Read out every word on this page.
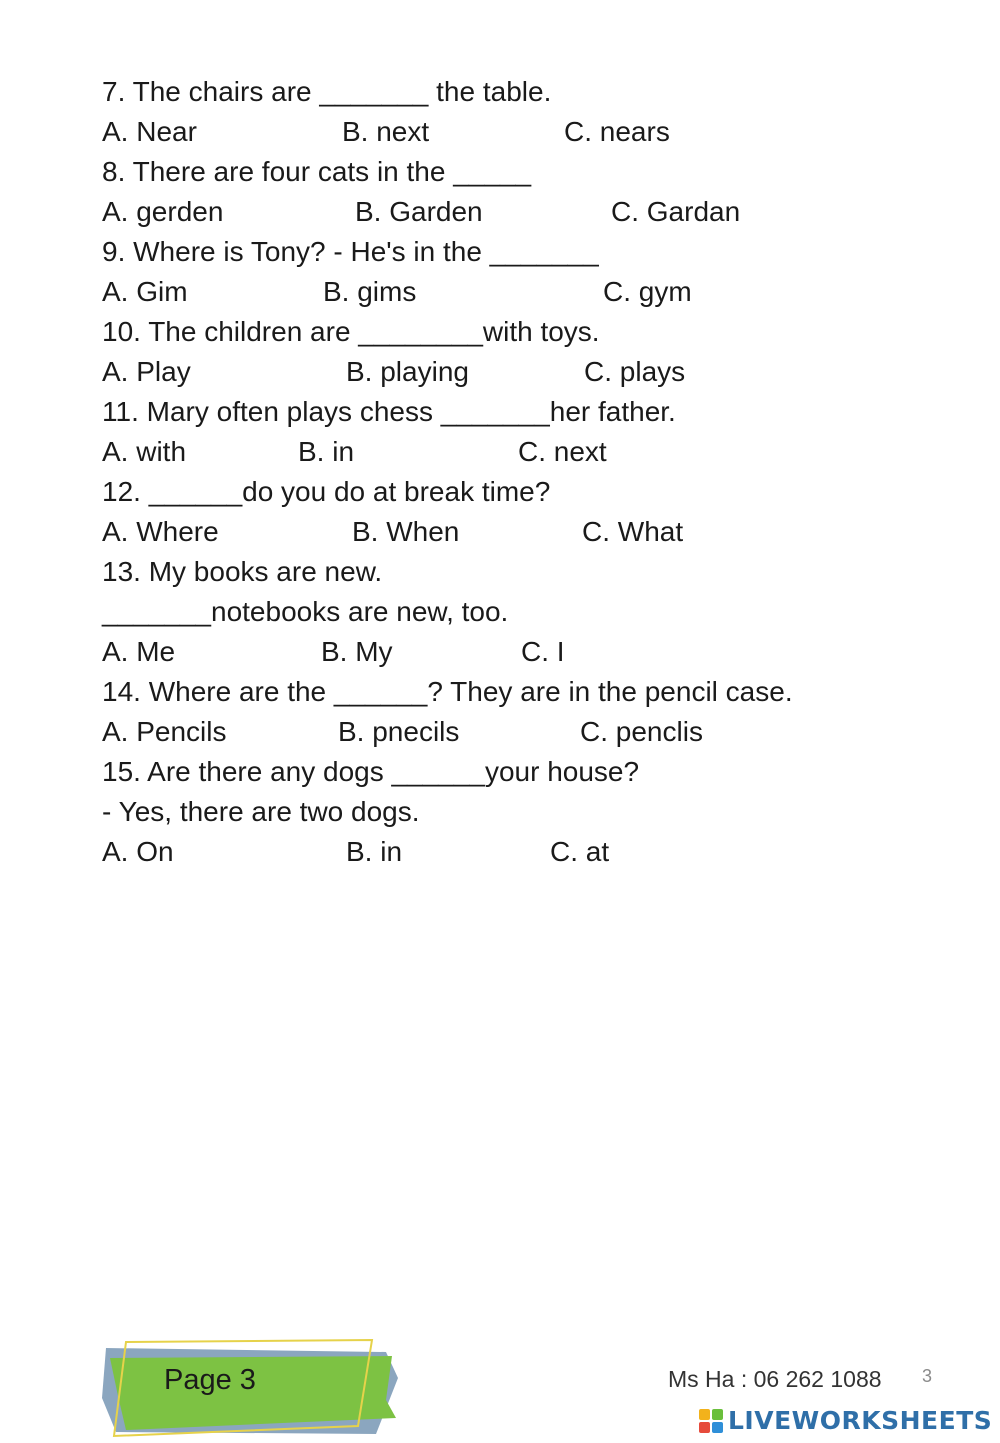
7. The chairs are _______ the table.
A. Near	B. next	C. nears
8. There are four cats in the _____
A. gerden	B. Garden	C. Gardan
9. Where is Tony? - He's in the _______
A. Gim	B. gims	C. gym
10. The children are ________with toys.
A. Play	B. playing	C. plays
11. Mary often plays chess _______her father.
A. with	B. in	C. next
12. ______do you do at break time?
A. Where	B. When	C. What
13. My books are new.
_______notebooks are new, too.
A. Me	B. My	C. I
14. Where are the ______? They are in the pencil case.
A. Pencils	B. pnecils	C. penclis
15. Are there any dogs ______your house?
- Yes, there are two dogs.
A. On	B. in	C. at
Page 3	Ms Ha : 06 262 1088 3
LIVEWORKSHEETS
